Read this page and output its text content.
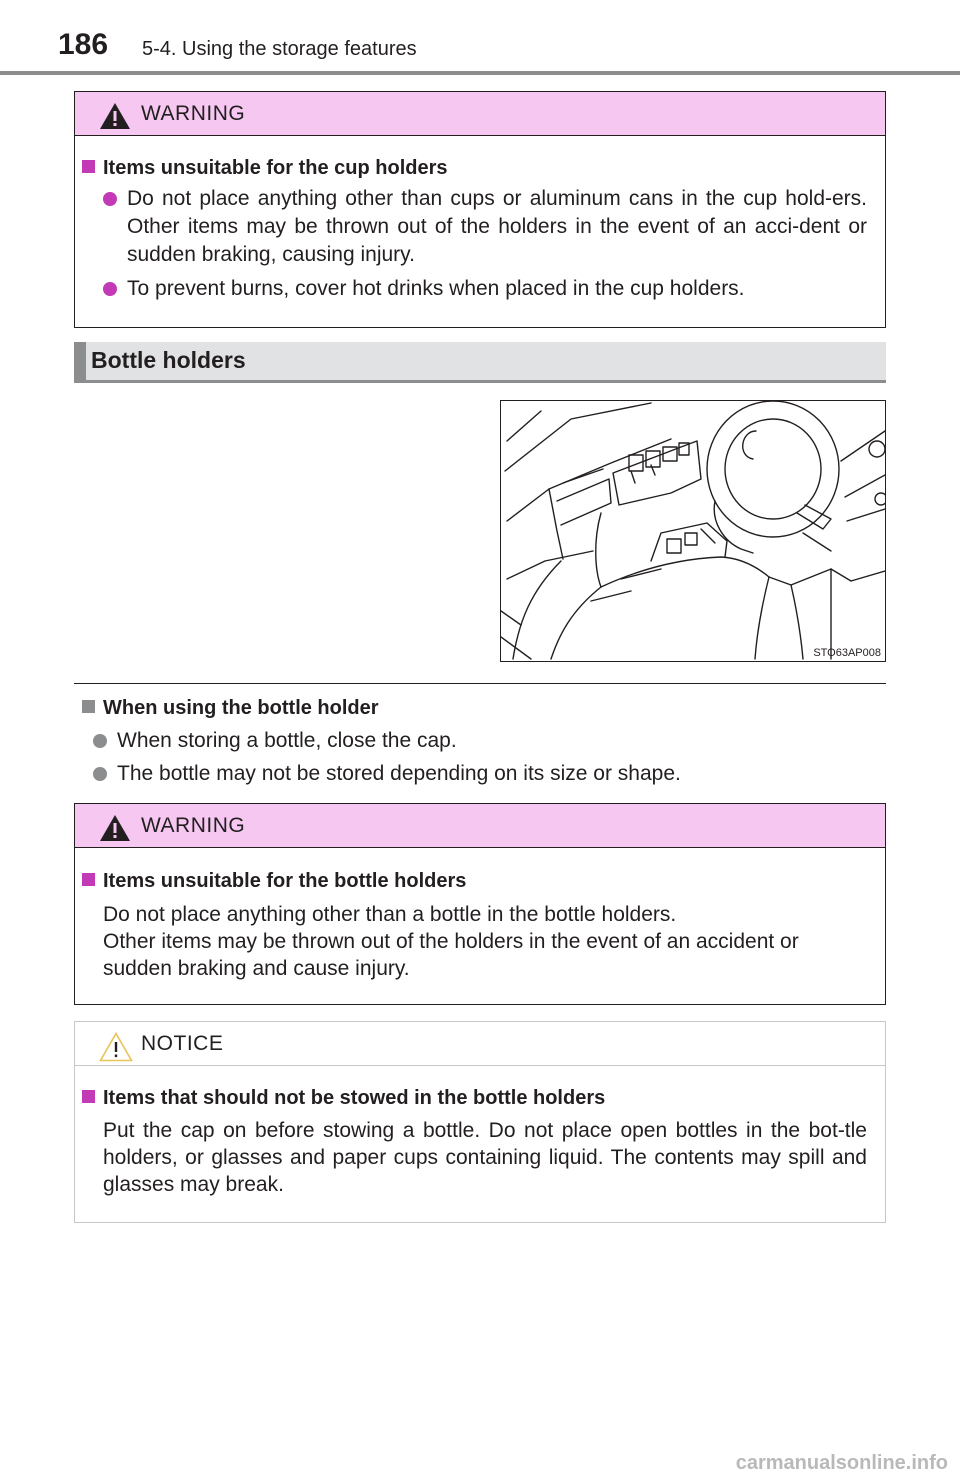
186 5-4. Using the storage features
WARNING
Items unsuitable for the cup holders
Do not place anything other than cups or aluminum cans in the cup hold-ers. Other items may be thrown out of the holders in the event of an acci-dent or sudden braking, causing injury.
To prevent burns, cover hot drinks when placed in the cup holders.
Bottle holders
STO63AP008
When using the bottle holder
When storing a bottle, close the cap.
The bottle may not be stored depending on its size or shape.
WARNING
Items unsuitable for the bottle holders
Do not place anything other than a bottle in the bottle holders.
Other items may be thrown out of the holders in the event of an accident or sudden braking and cause injury.
NOTICE
Items that should not be stowed in the bottle holders
Put the cap on before stowing a bottle. Do not place open bottles in the bot-tle holders, or glasses and paper cups containing liquid. The contents may spill and glasses may break.
carmanualsonline.info
